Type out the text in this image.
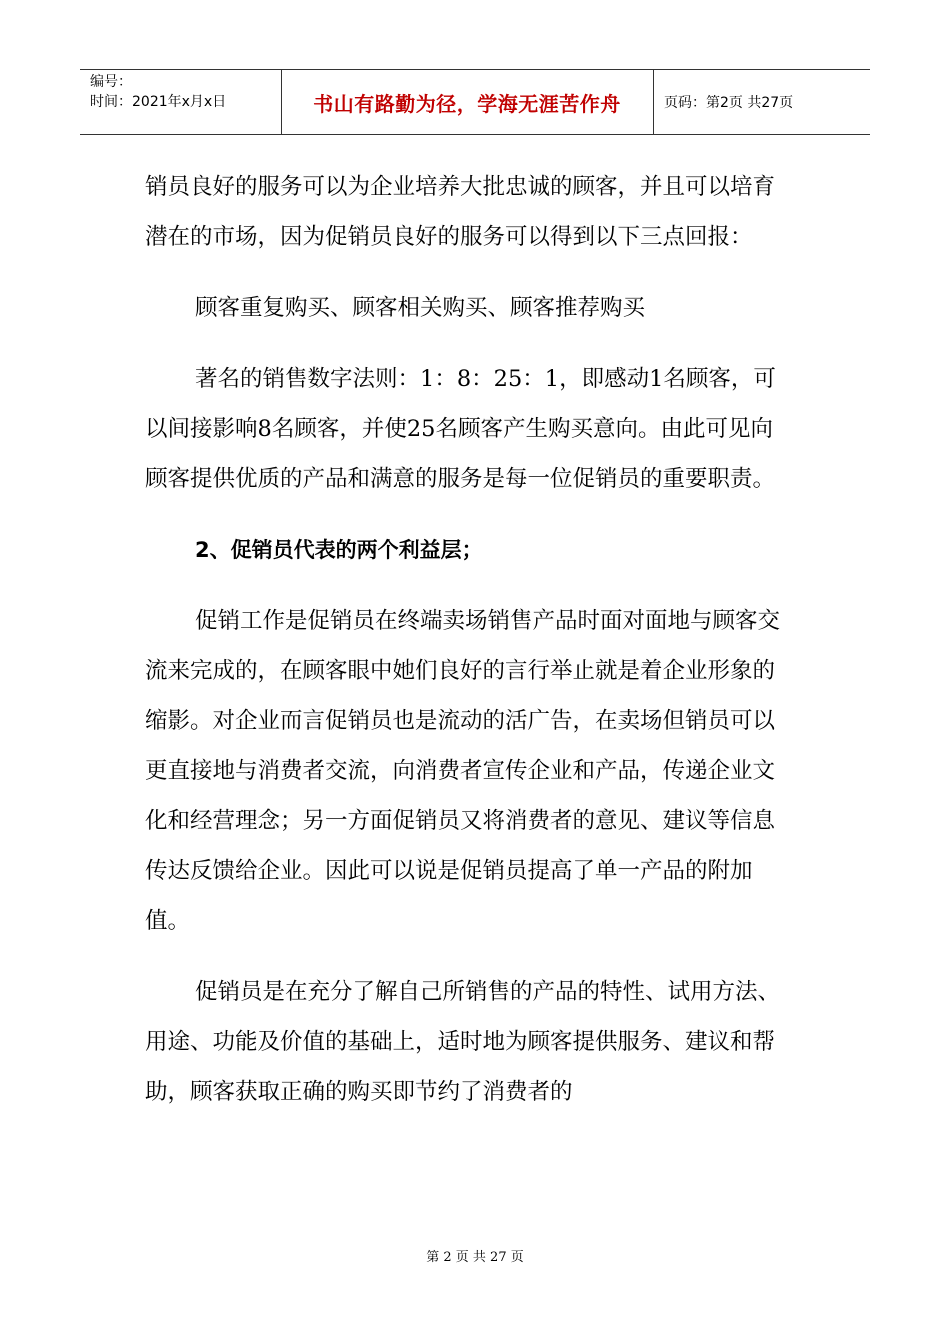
编号：
时间：2021年x月x日	书山有路勤为径，学海无涯苦作舟	页码：第2页 共27页

销员良好的服务可以为企业培养大批忠诚的顾客，并且可以培育潜在的市场，因为促销员良好的服务可以得到以下三点回报：

顾客重复购买、顾客相关购买、顾客推荐购买

著名的销售数字法则：1：8：25：1，即感动1名顾客，可以间接影响8名顾客，并使25名顾客产生购买意向。由此可见向顾客提供优质的产品和满意的服务是每一位促销员的重要职责。

2、促销员代表的两个利益层；

促销工作是促销员在终端卖场销售产品时面对面地与顾客交流来完成的，在顾客眼中她们良好的言行举止就是着企业形象的缩影。对企业而言促销员也是流动的活广告，在卖场但销员可以更直接地与消费者交流，向消费者宣传企业和产品，传递企业文化和经营理念；另一方面促销员又将消费者的意见、建议等信息传达反馈给企业。因此可以说是促销员提高了单一产品的附加值。

促销员是在充分了解自己所销售的产品的特性、试用方法、用途、功能及价值的基础上，适时地为顾客提供服务、建议和帮助，顾客获取正确的购买即节约了消费者的

第 2 页 共 27 页
